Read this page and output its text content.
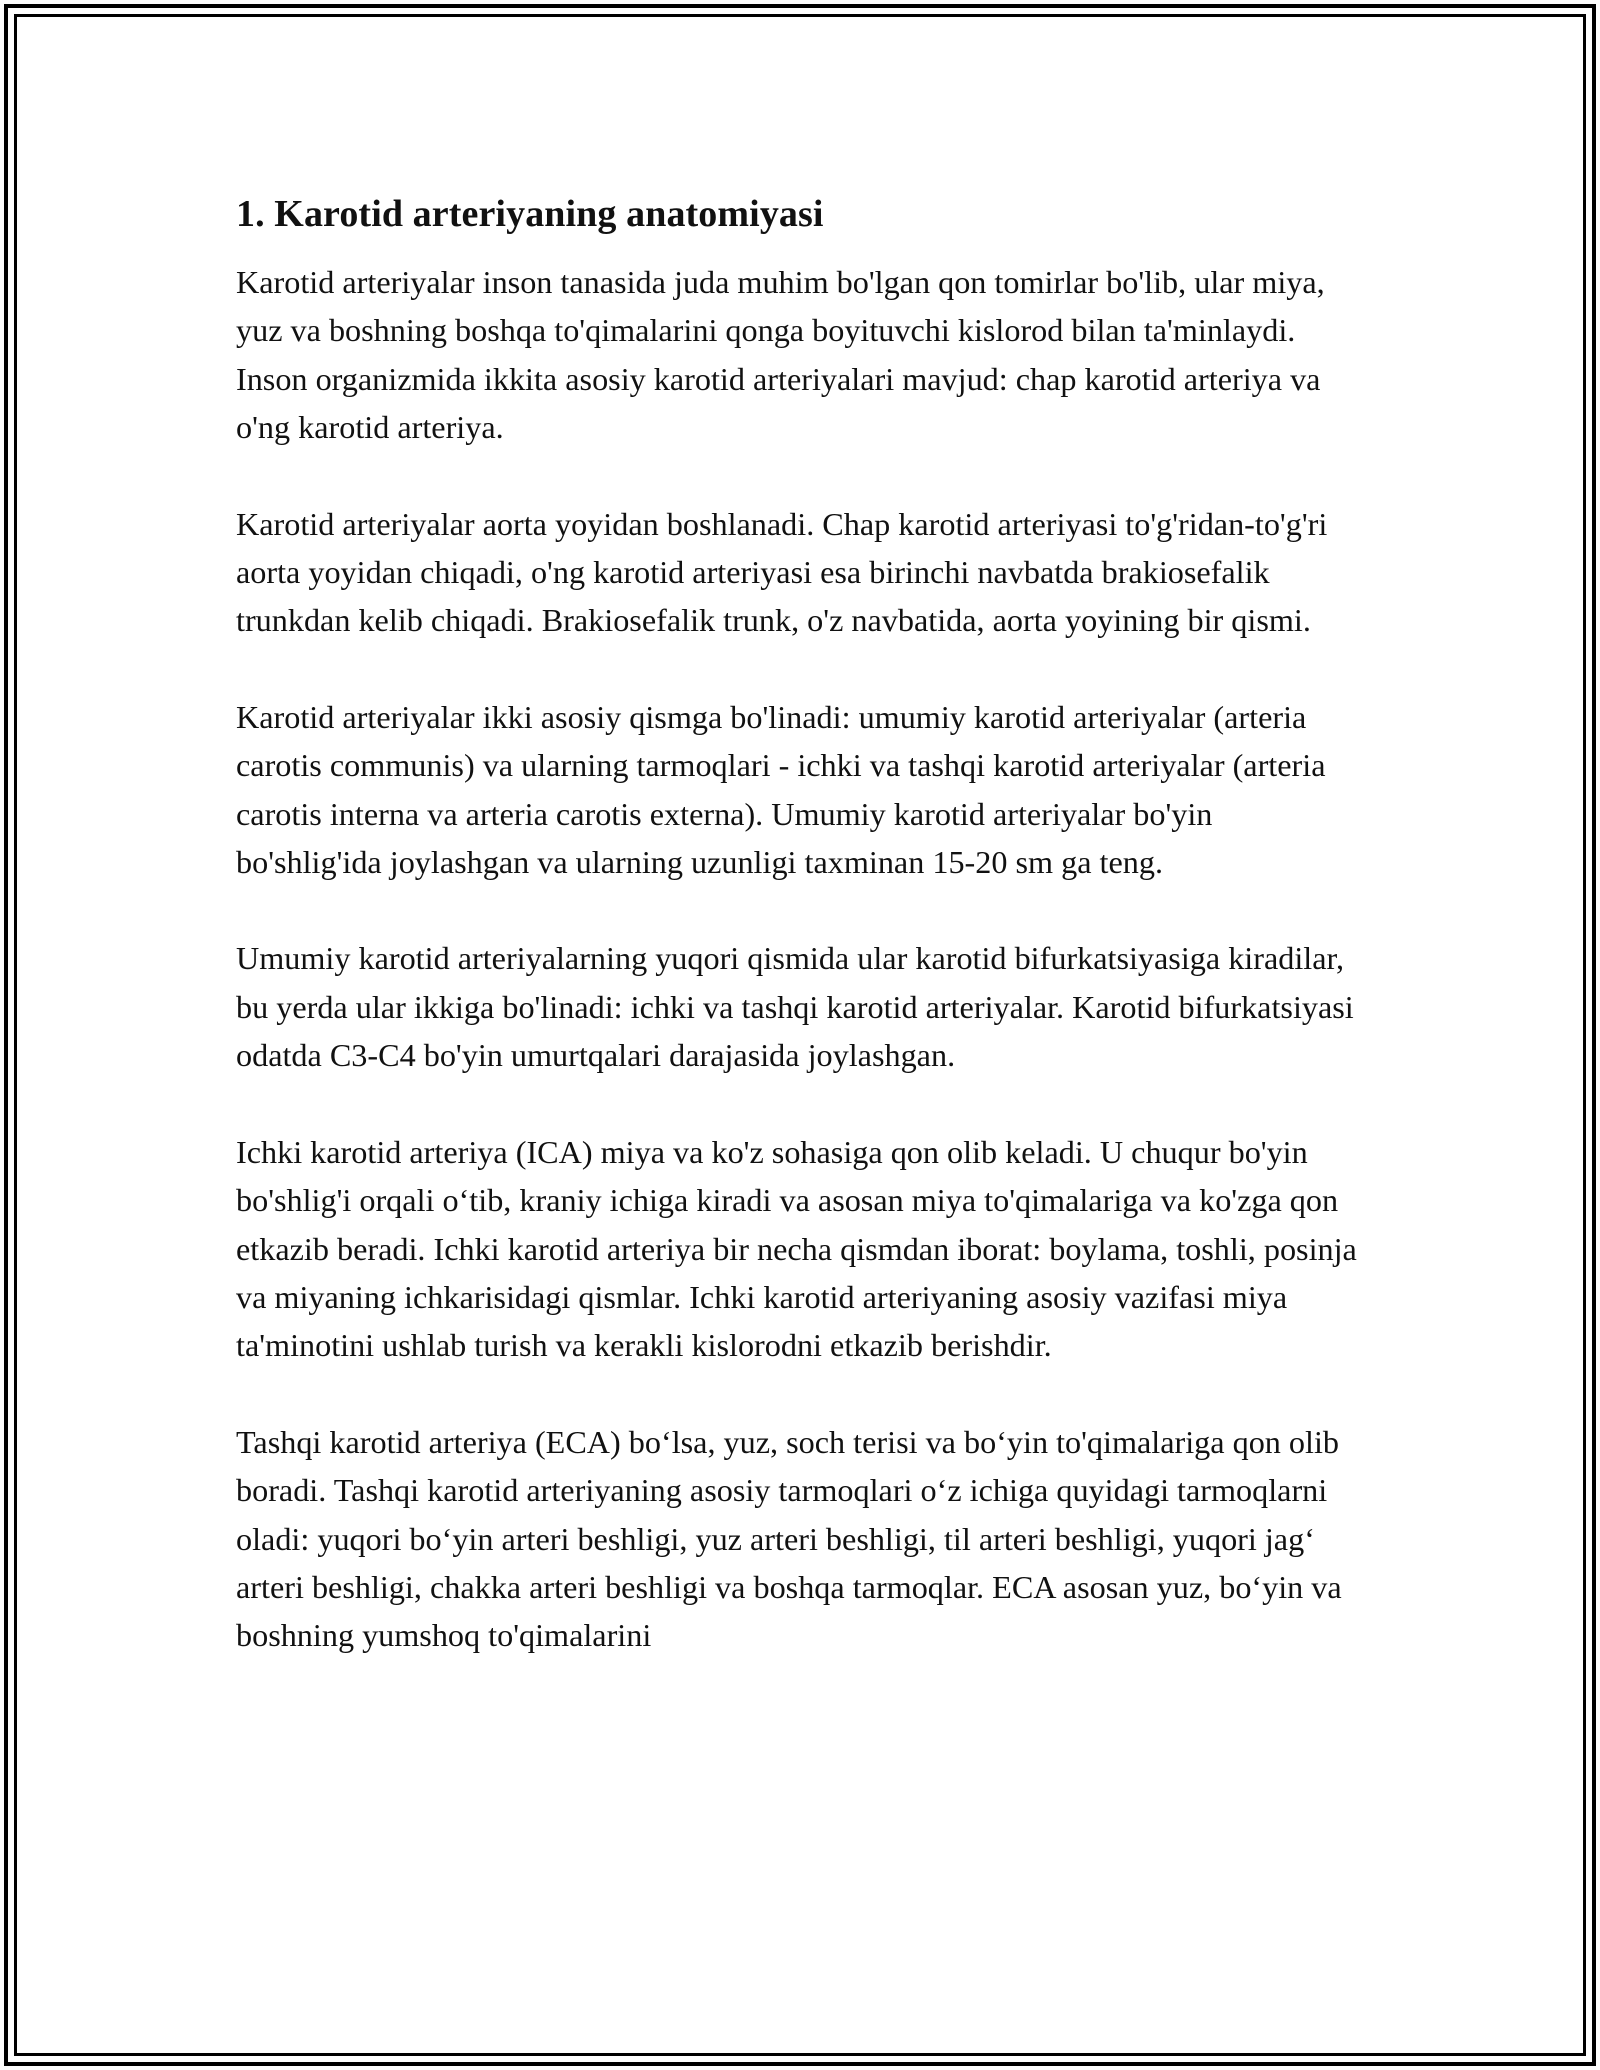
1. Karotid arteriyaning anatomiyasi

Karotid arteriyalar inson tanasida juda muhim bo'lgan qon tomirlar bo'lib, ular miya, yuz va boshning boshqa to'qimalarini qonga boyituvchi kislorod bilan ta'minlaydi. Inson organizmida ikkita asosiy karotid arteriyalari mavjud: chap karotid arteriya va o'ng karotid arteriya.

Karotid arteriyalar aorta yoyidan boshlanadi. Chap karotid arteriyasi to'g'ridan-to'g'ri aorta yoyidan chiqadi, o'ng karotid arteriyasi esa birinchi navbatda brakiosefalik trunkdan kelib chiqadi. Brakiosefalik trunk, o'z navbatida, aorta yoyining bir qismi.

Karotid arteriyalar ikki asosiy qismga bo'linadi: umumiy karotid arteriyalar (arteria carotis communis) va ularning tarmoqlari - ichki va tashqi karotid arteriyalar (arteria carotis interna va arteria carotis externa). Umumiy karotid arteriyalar bo'yin bo'shlig'ida joylashgan va ularning uzunligi taxminan 15-20 sm ga teng.

Umumiy karotid arteriyalarning yuqori qismida ular karotid bifurkatsiyasiga kiradilar, bu yerda ular ikkiga bo'linadi: ichki va tashqi karotid arteriyalar. Karotid bifurkatsiyasi odatda C3-C4 bo'yin umurtqalari darajasida joylashgan.

Ichki karotid arteriya (ICA) miya va ko'z sohasiga qon olib keladi. U chuqur bo'yin bo'shlig'i orqali o‘tib, kraniy ichiga kiradi va asosan miya to'qimalariga va ko'zga qon etkazib beradi. Ichki karotid arteriya bir necha qismdan iborat: boylama, toshli, posinja va miyaning ichkarisidagi qismlar. Ichki karotid arteriyaning asosiy vazifasi miya ta'minotini ushlab turish va kerakli kislorodni etkazib berishdir.

Tashqi karotid arteriya (ECA) bo‘lsa, yuz, soch terisi va bo‘yin to'qimalariga qon olib boradi. Tashqi karotid arteriyaning asosiy tarmoqlari o‘z ichiga quyidagi tarmoqlarni oladi: yuqori bo‘yin arteri beshligi, yuz arteri beshligi, til arteri beshligi, yuqori jag‘ arteri beshligi, chakka arteri beshligi va boshqa tarmoqlar. ECA asosan yuz, bo‘yin va boshning yumshoq to'qimalarini
